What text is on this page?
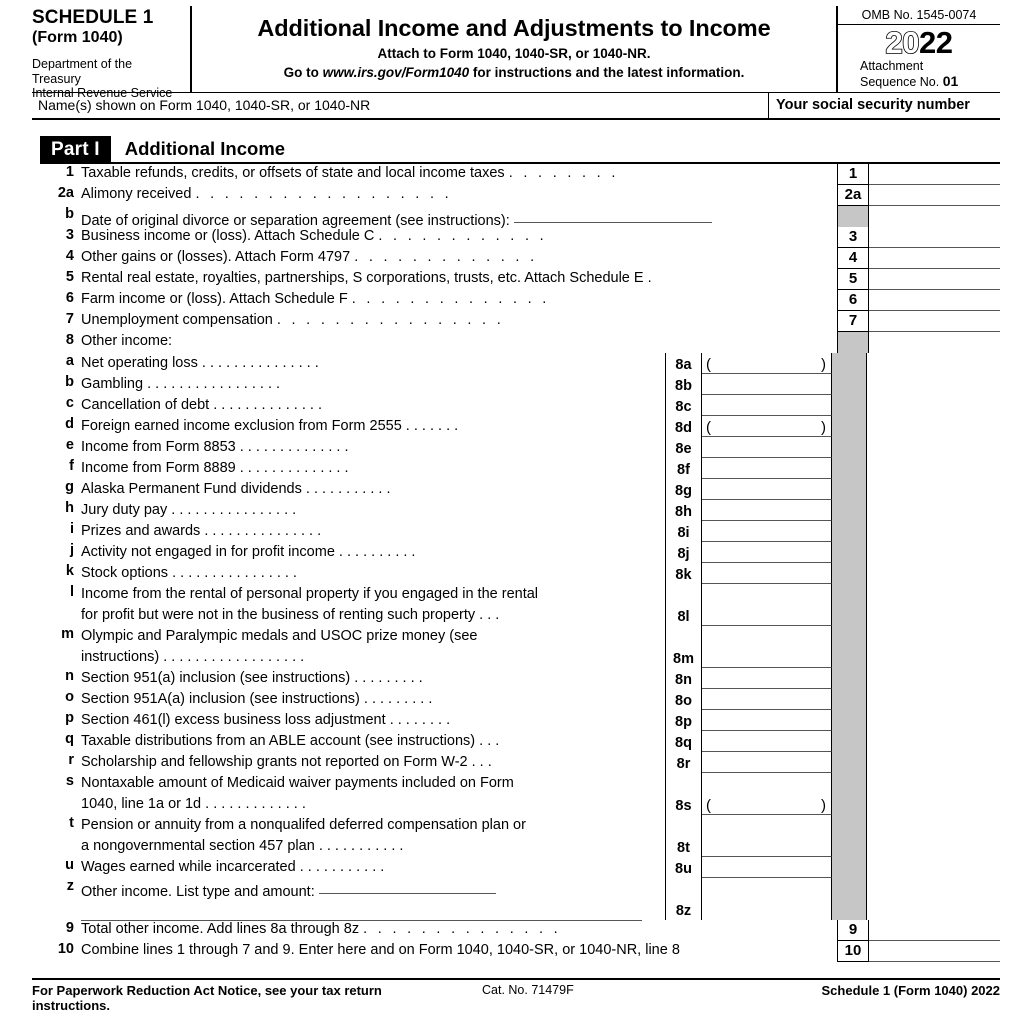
SCHEDULE 1
(Form 1040)
Department of the Treasury
Internal Revenue Service
Additional Income and Adjustments to Income
Attach to Form 1040, 1040-SR, or 1040-NR.
Go to www.irs.gov/Form1040 for instructions and the latest information.
OMB No. 1545-0074
2022
Attachment
Sequence No. 01
Name(s) shown on Form 1040, 1040-SR, or 1040-NR	Your social security number
Part I	Additional Income
1 Taxable refunds, credits, or offsets of state and local income taxes . . . . . . . .	1
2a Alimony received . . . . . . . . . . . . . . . . . .	2a
b Date of original divorce or separation agreement (see instructions):
3 Business income or (loss). Attach Schedule C . . . . . . . . . . . .	3
4 Other gains or (losses). Attach Form 4797 . . . . . . . . . . . . .	4
5 Rental real estate, royalties, partnerships, S corporations, trusts, etc. Attach Schedule E .	5
6 Farm income or (loss). Attach Schedule F . . . . . . . . . . . . . .	6
7 Unemployment compensation . . . . . . . . . . . . . . . .	7
8 Other income:
a Net operating loss . . . . . . . . . . . . . . .	8a (	)
b Gambling . . . . . . . . . . . . . . . . .	8b
c Cancellation of debt . . . . . . . . . . . . . .	8c
d Foreign earned income exclusion from Form 2555 . . . . . . .	8d (	)
e Income from Form 8853 . . . . . . . . . . . . . .	8e
f Income from Form 8889 . . . . . . . . . . . . . .	8f
g Alaska Permanent Fund dividends . . . . . . . . . . .	8g
h Jury duty pay . . . . . . . . . . . . . . . .	8h
i Prizes and awards . . . . . . . . . . . . . . .	8i
j Activity not engaged in for profit income . . . . . . . . . .	8j
k Stock options . . . . . . . . . . . . . . . .	8k
l Income from the rental of personal property if you engaged in the rental
for profit but were not in the business of renting such property . . .	8l
m Olympic and Paralympic medals and USOC prize money (see
instructions) . . . . . . . . . . . . . . . . . .	8m
n Section 951(a) inclusion (see instructions) . . . . . . . . .	8n
o Section 951A(a) inclusion (see instructions) . . . . . . . . .	8o
p Section 461(l) excess business loss adjustment . . . . . . . .	8p
q Taxable distributions from an ABLE account (see instructions) . . .	8q
r Scholarship and fellowship grants not reported on Form W-2 . . .	8r
s Nontaxable amount of Medicaid waiver payments included on Form
1040, line 1a or 1d . . . . . . . . . . . . .	8s (	)
t Pension or annuity from a nonqualifed deferred compensation plan or
a nongovernmental section 457 plan . . . . . . . . . . .	8t
u Wages earned while incarcerated . . . . . . . . . . .	8u
z Other income. List type and amount:
8z
9 Total other income. Add lines 8a through 8z . . . . . . . . . . . . . .	9
10 Combine lines 1 through 7 and 9. Enter here and on Form 1040, 1040-SR, or 1040-NR, line 8	10
For Paperwork Reduction Act Notice, see your tax return instructions.
Cat. No. 71479F	Schedule 1 (Form 1040) 2022
